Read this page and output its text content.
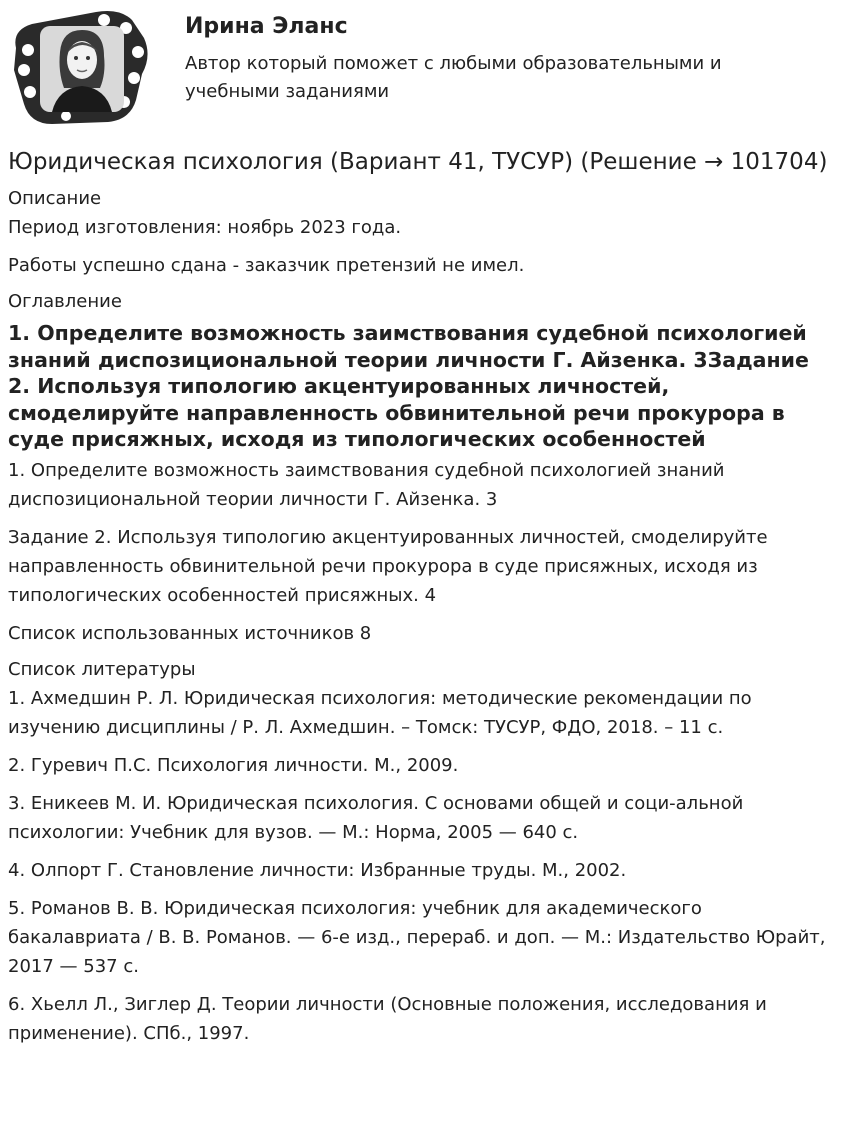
Ирина Эланс
Автор который поможет с любыми образовательными и учебными заданиями
Юридическая психология (Вариант 41, ТУСУР) (Решение → 101704)
Описание

Период изготовления: ноябрь 2023 года.

Работы успешно сдана - заказчик претензий не имел.

Оглавление
1. Определите возможность заимствования судебной психологией знаний диспозициональной теории личности Г. Айзенка. 3Задание 2. Используя типологию акцентуированных личностей, смоделируйте направленность обвинительной речи прокурора в суде присяжных, исходя из типологических особенностей

1. Определите возможность заимствования судебной психологией знаний диспозициональной теории личности Г. Айзенка. 3

Задание 2. Используя типологию акцентуированных личностей, смоделируйте направленность обвинительной речи прокурора в суде присяжных, исходя из типологических особенностей присяжных. 4

Список использованных источников 8

Список литературы

1. Ахмедшин Р. Л. Юридическая психология: методические рекомендации по изучению дисциплины / Р. Л. Ахмедшин. – Томск: ТУСУР, ФДО, 2018. – 11 с.

2. Гуревич П.С. Психология личности. М., 2009.

3. Еникеев М. И. Юридическая психология. С основами общей и соци-альной психологии: Учебник для вузов. — М.: Норма, 2005 — 640 с.

4. Олпорт Г. Становление личности: Избранные труды. М., 2002.

5. Романов В. В. Юридическая психология: учебник для академического бакалавриата / В. В. Романов. — 6-е изд., перераб. и доп. — М.: Издательство Юрайт, 2017 — 537 с.

6. Хьелл Л., Зиглер Д. Теории личности (Основные положения, исследования и применение). СПб., 1997.
